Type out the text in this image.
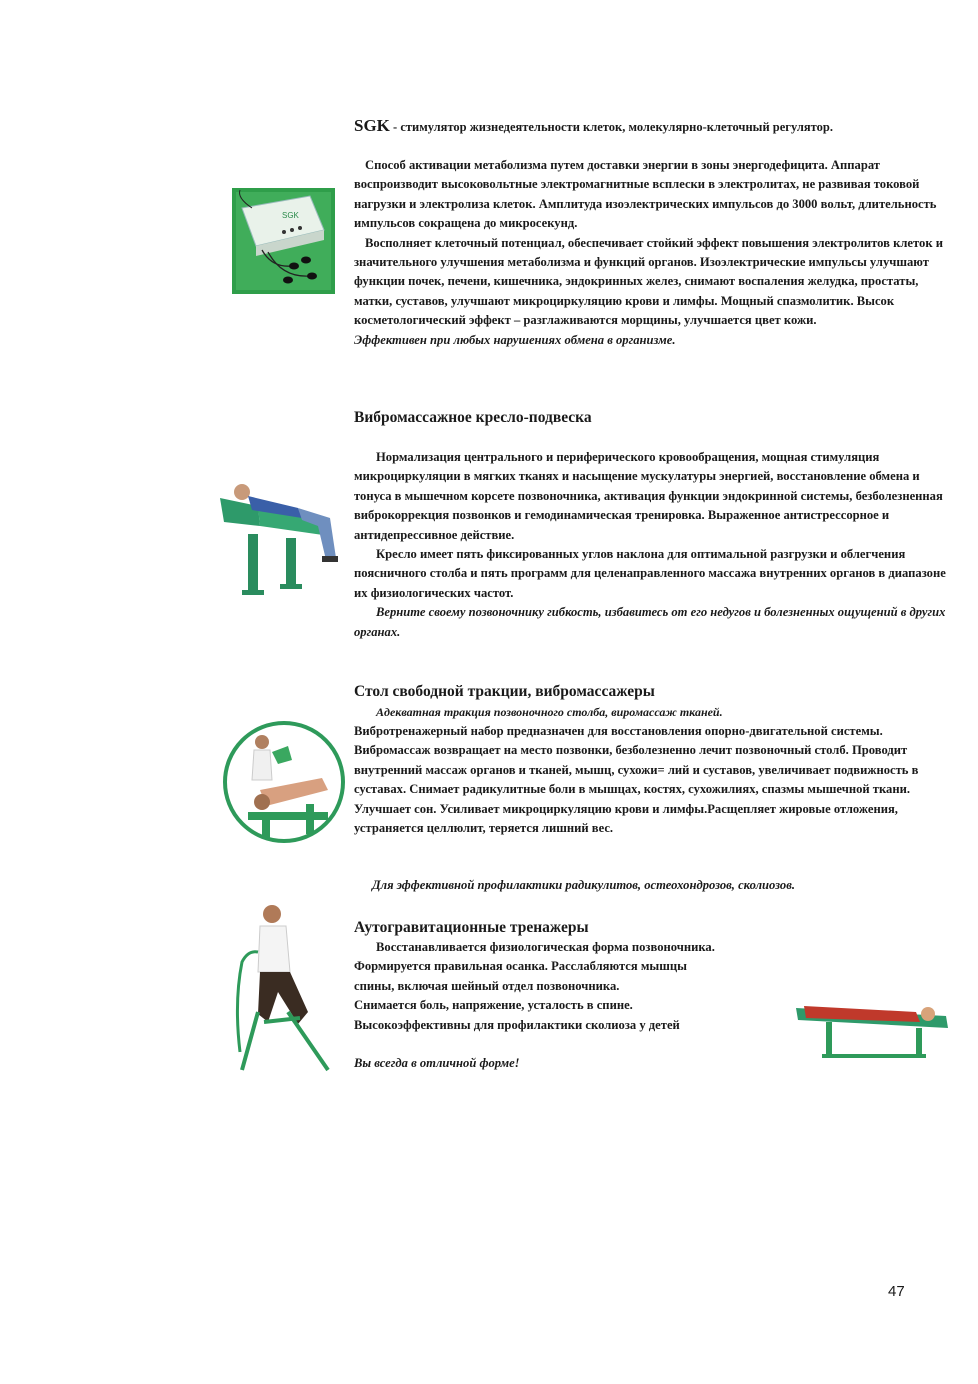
SGK - стимулятор жизнедеятельности клеток, молекулярно-клеточный регулятор.
SGK

Способ активации метаболизма путем доставки энергии в зоны энергодефицита. Аппарат воспроизводит высоковольтные электромагнитные всплески в электролитах, не развивая токовой нагрузки и электролиза клеток. Амплитуда изоэлектрических импульсов до 3000 вольт, длительность импульсов сокращена до микросекунд.

Восполняет клеточный потенциал, обеспечивает стойкий эффект повышения электролитов клеток и значительного улучшения метаболизма и функций органов. Изоэлектрические импульсы улучшают функции почек, печени, кишечника, эндокринных желез, снимают воспаления желудка, простаты, матки, суставов, улучшают микроциркуляцию крови и лимфы. Мощный спазмолитик. Высок косметологический эффект – разглаживаются морщины, улучшается цвет кожи.

Эффективен при любых нарушениях обмена в организме.

Вибромассажное кресло-подвеска

Нормализация центрального и периферического кровообращения, мощная стимуляция микроциркуляции в мягких тканях и насыщение мускулатуры энергией, восстановление обмена и тонуса в мышечном корсете позвоночника, активация функции эндокринной системы, безболезненная виброкоррекция позвонков и гемодинамическая тренировка. Выраженное антистрессорное и антидепрессивное действие.

Кресло имеет пять фиксированных углов наклона для оптимальной разгрузки и облегчения поясничного столба и пять программ для целенаправленного массажа внутренних органов в диапазоне их физиологических частот.

Верните своему позвоночнику гибкость, избавитесь от его недугов и болезненных ощущений в других органах.

Стол свободной тракции, вибромассажеры
Адекватная тракция позвоночного столба, виромассаж тканей.

Вибротренажерный набор предназначен для восстановления опорно-двигательной системы. Вибромассаж возвращает на место позвонки, безболезненно лечит позвоночный столб. Проводит внутренний массаж органов и тканей, мышц, сухожи= лий и суставов, увеличивает подвижность в суставах. Снимает радикулитные боли в мышцах, костях, сухожилиях, спазмы мышечной ткани. Улучшает сон. Усиливает микроциркуляцию крови и лимфы.Расщепляет жировые отложения, устраняется целлюлит, теряется лишний вес.

Для эффективной профилактики радикулитов, остеохондрозов, сколиозов.
Аутогравитационные тренажеры

Восстанавливается физиологическая форма позвоночника.

Формируется правильная осанка. Расслабляются мышцы

спины, включая шейный отдел позвоночника.

Снимается боль, напряжение, усталость в спине.

Высокоэффективны для профилактики сколиоза у детей

Вы всегда в отличной форме!
47
